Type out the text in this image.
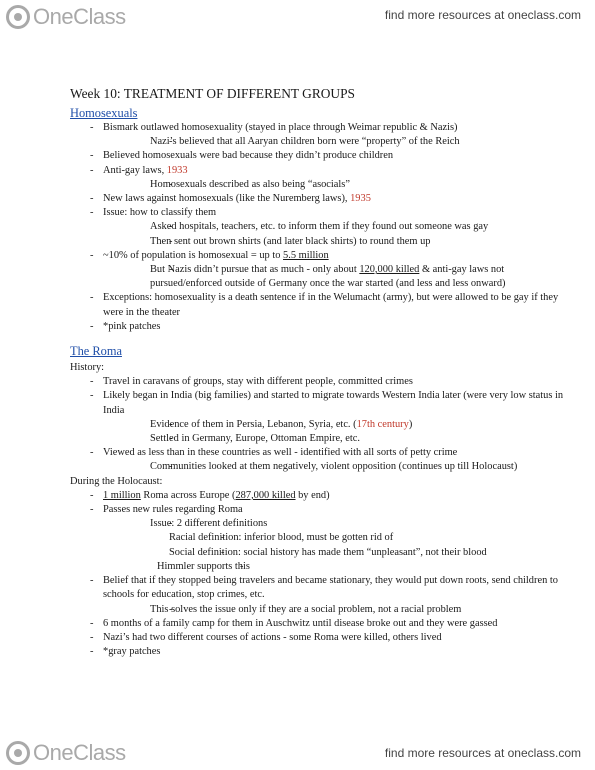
OneClass	find more resources at oneclass.com
Week 10: TREATMENT OF DIFFERENT GROUPS
Homosexuals
- Bismark outlawed homosexuality (stayed in place through Weimar republic & Nazis)
- Nazi’s believed that all Aaryan children born were “property” of the Reich
- Believed homosexuals were bad because they didn’t produce children
- Anti-gay laws, 1933
- Homosexuals described as also being “asocials”
- New laws against homosexuals (like the Nuremberg laws), 1935
- Issue: how to classify them
- Asked hospitals, teachers, etc. to inform them if they found out someone was gay
- Then sent out brown shirts (and later black shirts) to round them up
- ~10% of population is homosexual = up to 5.5 million
- But Nazis didn’t pursue that as much - only about 120,000 killed & anti-gay laws not pursued/enforced outside of Germany once the war started (and less and less onward)
- Exceptions: homosexuality is a death sentence if in the Welumacht (army), but were allowed to be gay if they were in the theater
- *pink patches
The Roma
History:
- Travel in caravans of groups, stay with different people, committed crimes
- Likely began in India (big families) and started to migrate towards Western India later (were very low status in India
- Evidence of them in Persia, Lebanon, Syria, etc. (17th century)
- Settled in Germany, Europe, Ottoman Empire, etc.
- Viewed as less than in these countries as well - identified with all sorts of petty crime
- Communities looked at them negatively, violent opposition (continues up till Holocaust)
During the Holocaust:
- 1 million Roma across Europe (287,000 killed by end)
- Passes new rules regarding Roma
- Issue: 2 different definitions
- Racial definition: inferior blood, must be gotten rid of
- Social definition: social history has made them “unpleasant”, not their blood
- Himmler supports this
- Belief that if they stopped being travelers and became stationary, they would put down roots, send children to schools for education, stop crimes, etc.
- This solves the issue only if they are a social problem, not a racial problem
- 6 months of a family camp for them in Auschwitz until disease broke out and they were gassed
- Nazi’s had two different courses of actions - some Roma were killed, others lived
- *gray patches
OneClass	find more resources at oneclass.com
